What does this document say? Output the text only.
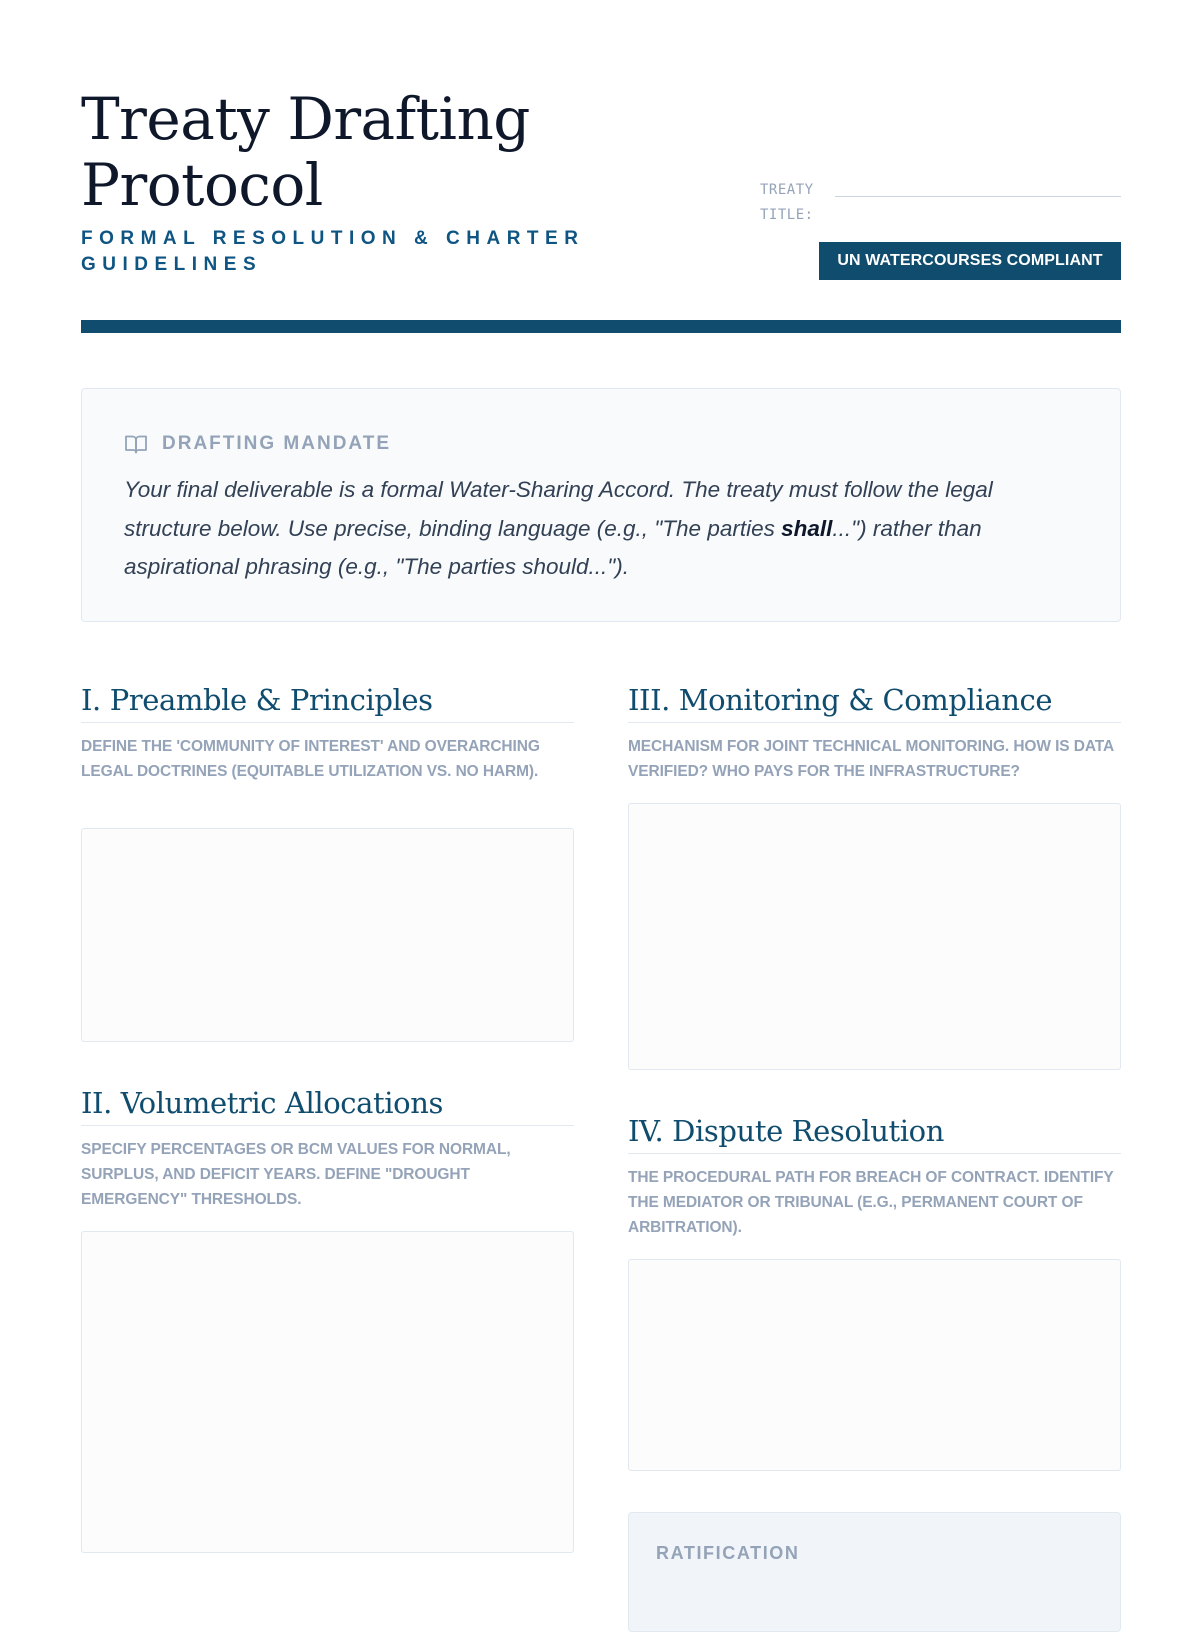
Treaty Drafting
Protocol
FORMAL RESOLUTION & CHARTER
GUIDELINES
TREATY
TITLE:
UN WATERCOURSES COMPLIANT
DRAFTING MANDATE

Your final deliverable is a formal Water-Sharing Accord. The treaty must follow the legal structure below. Use precise, binding language (e.g., "The parties shall...") rather than aspirational phrasing (e.g., "The parties should...").

I. Preamble & Principles

DEFINE THE 'COMMUNITY OF INTEREST' AND OVERARCHING LEGAL DOCTRINES (EQUITABLE UTILIZATION VS. NO HARM).

II. Volumetric Allocations

SPECIFY PERCENTAGES OR BCM VALUES FOR NORMAL, SURPLUS, AND DEFICIT YEARS. DEFINE "DROUGHT EMERGENCY" THRESHOLDS.

III. Monitoring & Compliance

MECHANISM FOR JOINT TECHNICAL MONITORING. HOW IS DATA VERIFIED? WHO PAYS FOR THE INFRASTRUCTURE?

IV. Dispute Resolution

THE PROCEDURAL PATH FOR BREACH OF CONTRACT. IDENTIFY THE MEDIATOR OR TRIBUNAL (E.G., PERMANENT COURT OF ARBITRATION).

RATIFICATION
